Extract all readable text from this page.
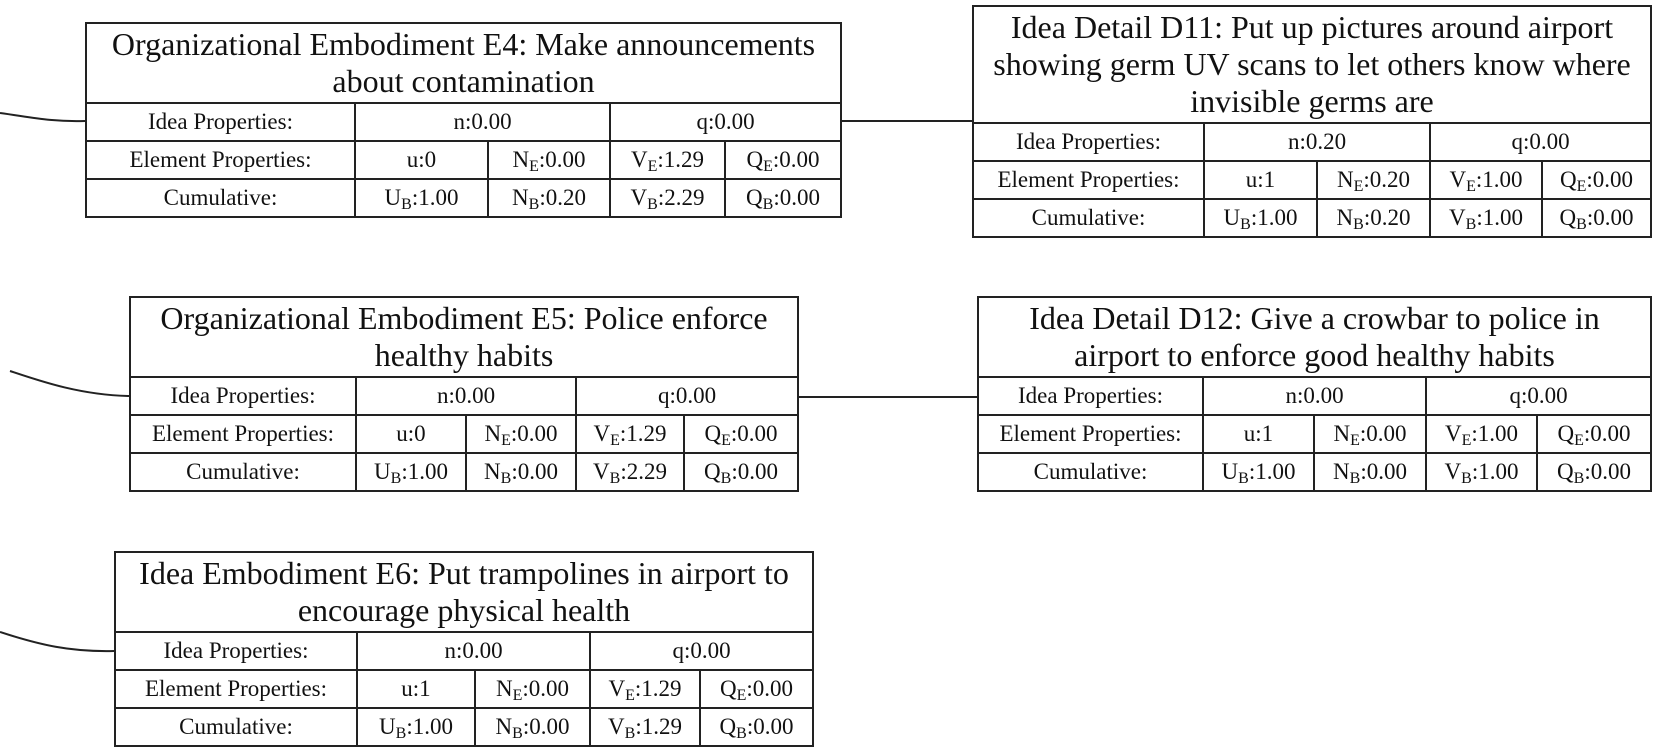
Organizational Embodiment E4: Make announcements
about contamination
Idea Properties:	n:0.00		q:0.00	
Element Properties:	u:0	$N_E:0.00$	$V_E:1.29$	$Q_E:0.00$
Cumulative:	$U_B:1.00$	$N_B:0.20$	$V_B:2.29$	$Q_B:0.00$
Idea Detail D11: Put up pictures around airport
showing germ UV scans to let others know where
invisible germs are
Idea Properties:	n:0.20		q:0.00	
Element Properties:	u:1	$N_E:0.20$	$V_E:1.00$	$Q_E:0.00$
Cumulative:	$U_B:1.00$	$N_B:0.20$	$V_B:1.00$	$Q_B:0.00$
Organizational Embodiment E5: Police enforce
healthy habits
Idea Properties:	n:0.00		q:0.00	
Element Properties:	u:0	$N_E:0.00$	$V_E:1.29$	$Q_E:0.00$
Cumulative:	$U_B:1.00$	$N_B:0.00$	$V_B:2.29$	$Q_B:0.00$
Idea Detail D12: Give a crowbar to police in
airport to enforce good healthy habits
Idea Properties:	n:0.00		q:0.00	
Element Properties:	u:1	$N_E:0.00$	$V_E:1.00$	$Q_E:0.00$
Cumulative:	$U_B:1.00$	$N_B:0.00$	$V_B:1.00$	$Q_B:0.00$
Idea Embodiment E6: Put trampolines in airport to
encourage physical health
Idea Properties:	n:0.00		q:0.00	
Element Properties:	u:1	$N_E:0.00$	$V_E:1.29$	$Q_E:0.00$
Cumulative:	$U_B:1.00$	$N_B:0.00$	$V_B:1.29$	$Q_B:0.00$
